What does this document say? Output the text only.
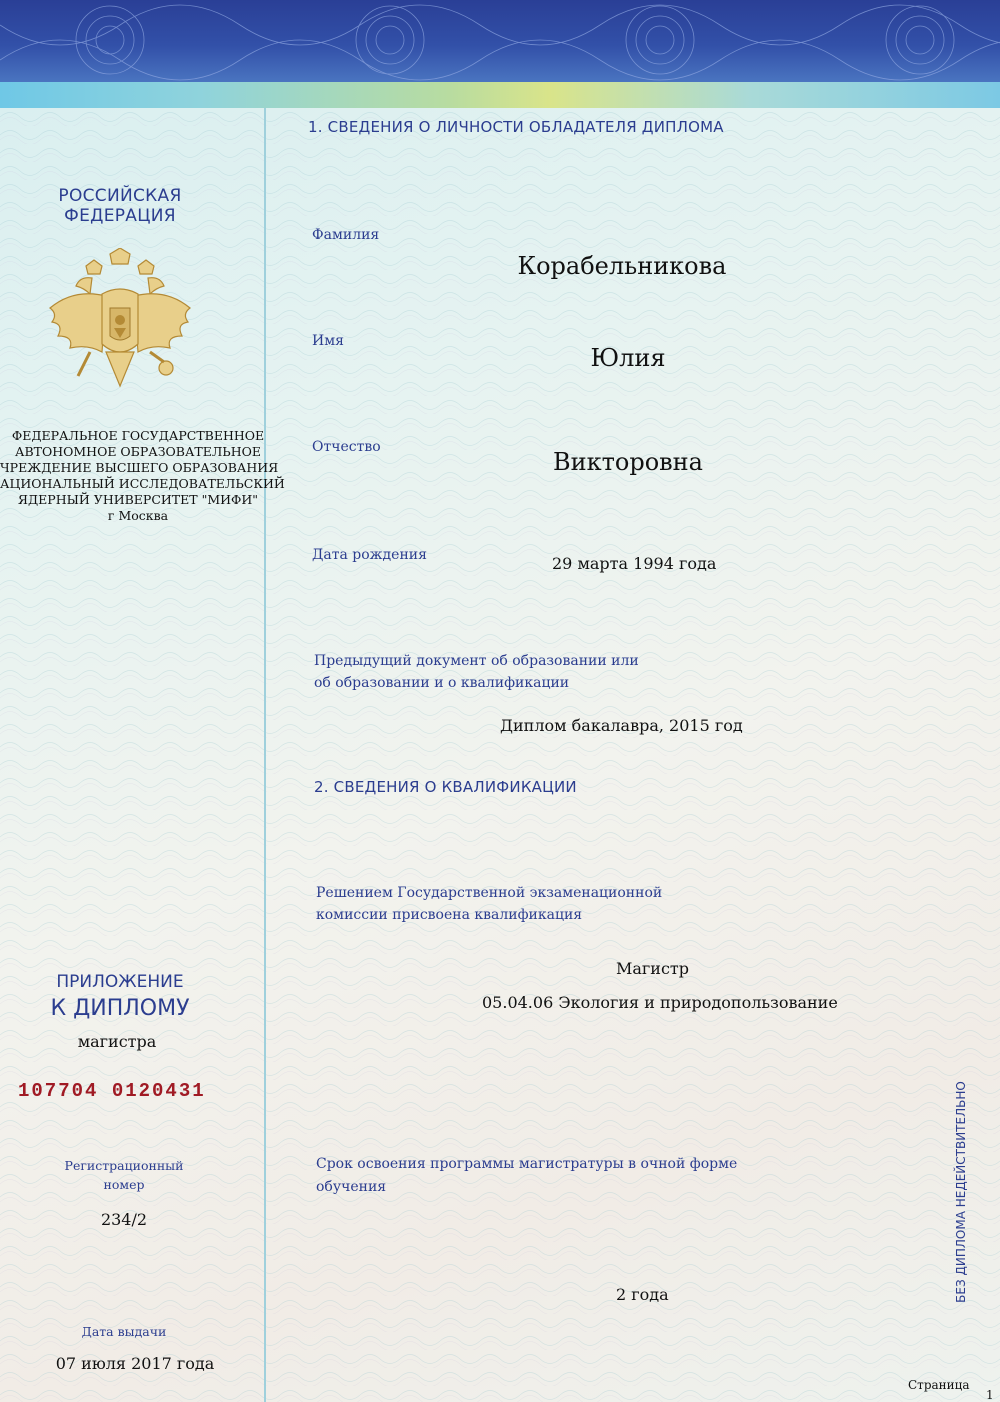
РОССИЙСКАЯ
ФЕДЕРАЦИЯ
ФЕДЕРАЛЬНОЕ ГОСУДАРСТВЕННОЕ
АВТОНОМНОЕ ОБРАЗОВАТЕЛЬНОЕ
ЧРЕЖДЕНИЕ ВЫСШЕГО ОБРАЗОВАНИЯ
АЦИОНАЛЬНЫЙ ИССЛЕДОВАТЕЛЬСКИЙ
ЯДЕРНЫЙ УНИВЕРСИТЕТ "МИФИ"
г Москва
ПРИЛОЖЕНИЕ
К ДИПЛОМУ
магистра
107704 0120431
Регистрационный
номер
234/2
Дата выдачи
07 июля 2017 года
1. СВЕДЕНИЯ О ЛИЧНОСТИ ОБЛАДАТЕЛЯ ДИПЛОМА
Фамилия
Корабельникова
Имя
Юлия
Отчество
Викторовна
Дата рождения	29 марта 1994 года
Предыдущий документ об образовании или
об образовании и о квалификации
Диплом бакалавра, 2015 год
2. СВЕДЕНИЯ О КВАЛИФИКАЦИИ
Решением Государственной экзаменационной
комиссии присвоена квалификация
Магистр
05.04.06 Экология и природопользование
Срок освоения программы магистратуры в очной форме
обучения
2 года	БЕЗ ДИПЛОМА НЕДЕЙСТВИТЕЛЬНО
Страница
1
